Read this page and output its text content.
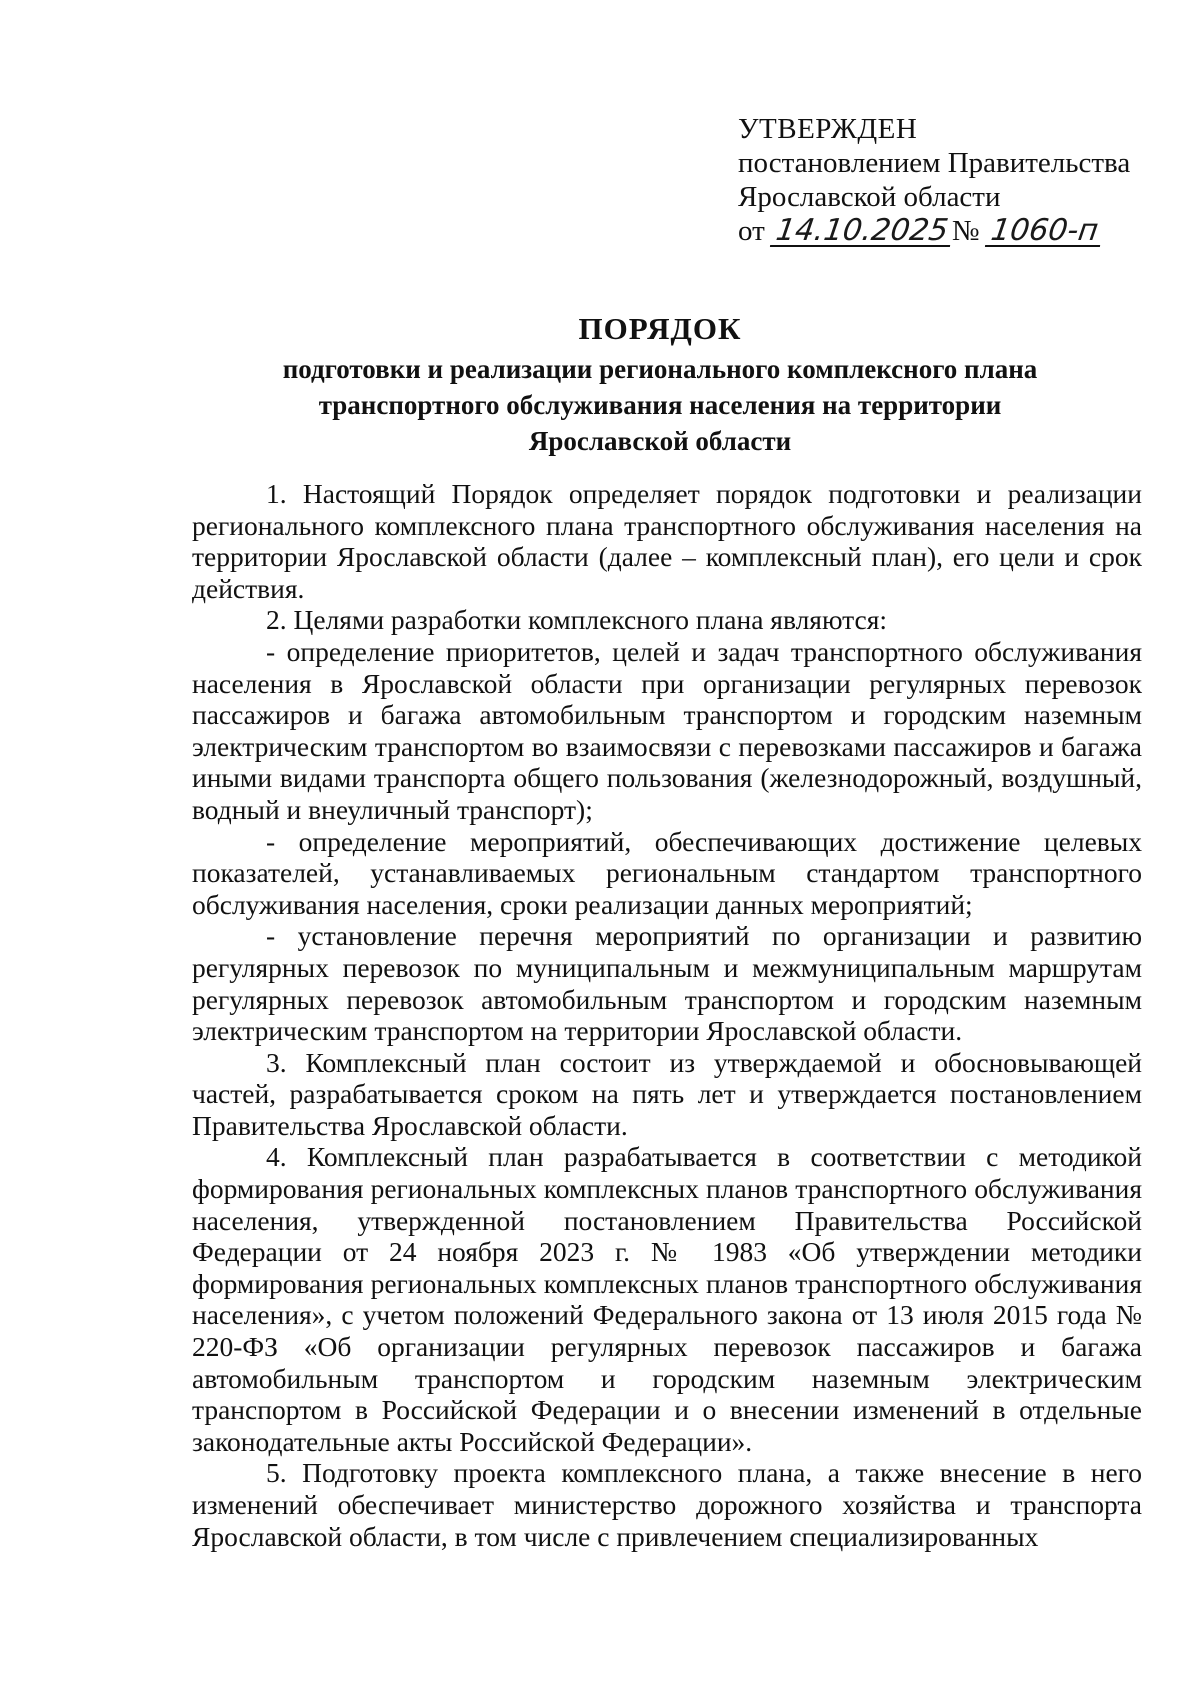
УТВЕРЖДЕН
постановлением Правительства
Ярославской области
от 14.10.2025№ 1060-п
ПОРЯДОК
подготовки и реализации регионального комплексного плана
транспортного обслуживания населения на территории
Ярославской области

1. Настоящий Порядок определяет порядок подготовки и реализации регионального комплексного плана транспортного обслуживания населения на территории Ярославской области (далее – комплексный план), его цели и срок действия.

2. Целями разработки комплексного плана являются:

- определение приоритетов, целей и задач транспортного обслуживания населения в Ярославской области при организации регулярных перевозок пассажиров и багажа автомобильным транспортом и городским наземным электрическим транспортом во взаимосвязи с перевозками пассажиров и багажа иными видами транспорта общего пользования (железнодорожный, воздушный, водный и внеуличный транспорт);

- определение мероприятий, обеспечивающих достижение целевых показателей, устанавливаемых региональным стандартом транспортного обслуживания населения, сроки реализации данных мероприятий;

- установление перечня мероприятий по организации и развитию регулярных перевозок по муниципальным и межмуниципальным маршрутам регулярных перевозок автомобильным транспортом и городским наземным электрическим транспортом на территории Ярославской области.

3. Комплексный план состоит из утверждаемой и обосновывающей частей, разрабатывается сроком на пять лет и утверждается постановлением Правительства Ярославской области.

4. Комплексный план разрабатывается в соответствии с методикой формирования региональных комплексных планов транспортного обслуживания населения, утвержденной постановлением Правительства Российской Федерации от 24 ноября 2023 г. № 1983 «Об утверждении методики формирования региональных комплексных планов транспортного обслуживания населения», с учетом положений Федерального закона от 13 июля 2015 года № 220-ФЗ «Об организации регулярных перевозок пассажиров и багажа автомобильным транспортом и городским наземным электрическим транспортом в Российской Федерации и о внесении изменений в отдельные законодательные акты Российской Федерации».

5. Подготовку проекта комплексного плана, а также внесение в него изменений обеспечивает министерство дорожного хозяйства и транспорта Ярославской области, в том числе с привлечением специализированных
